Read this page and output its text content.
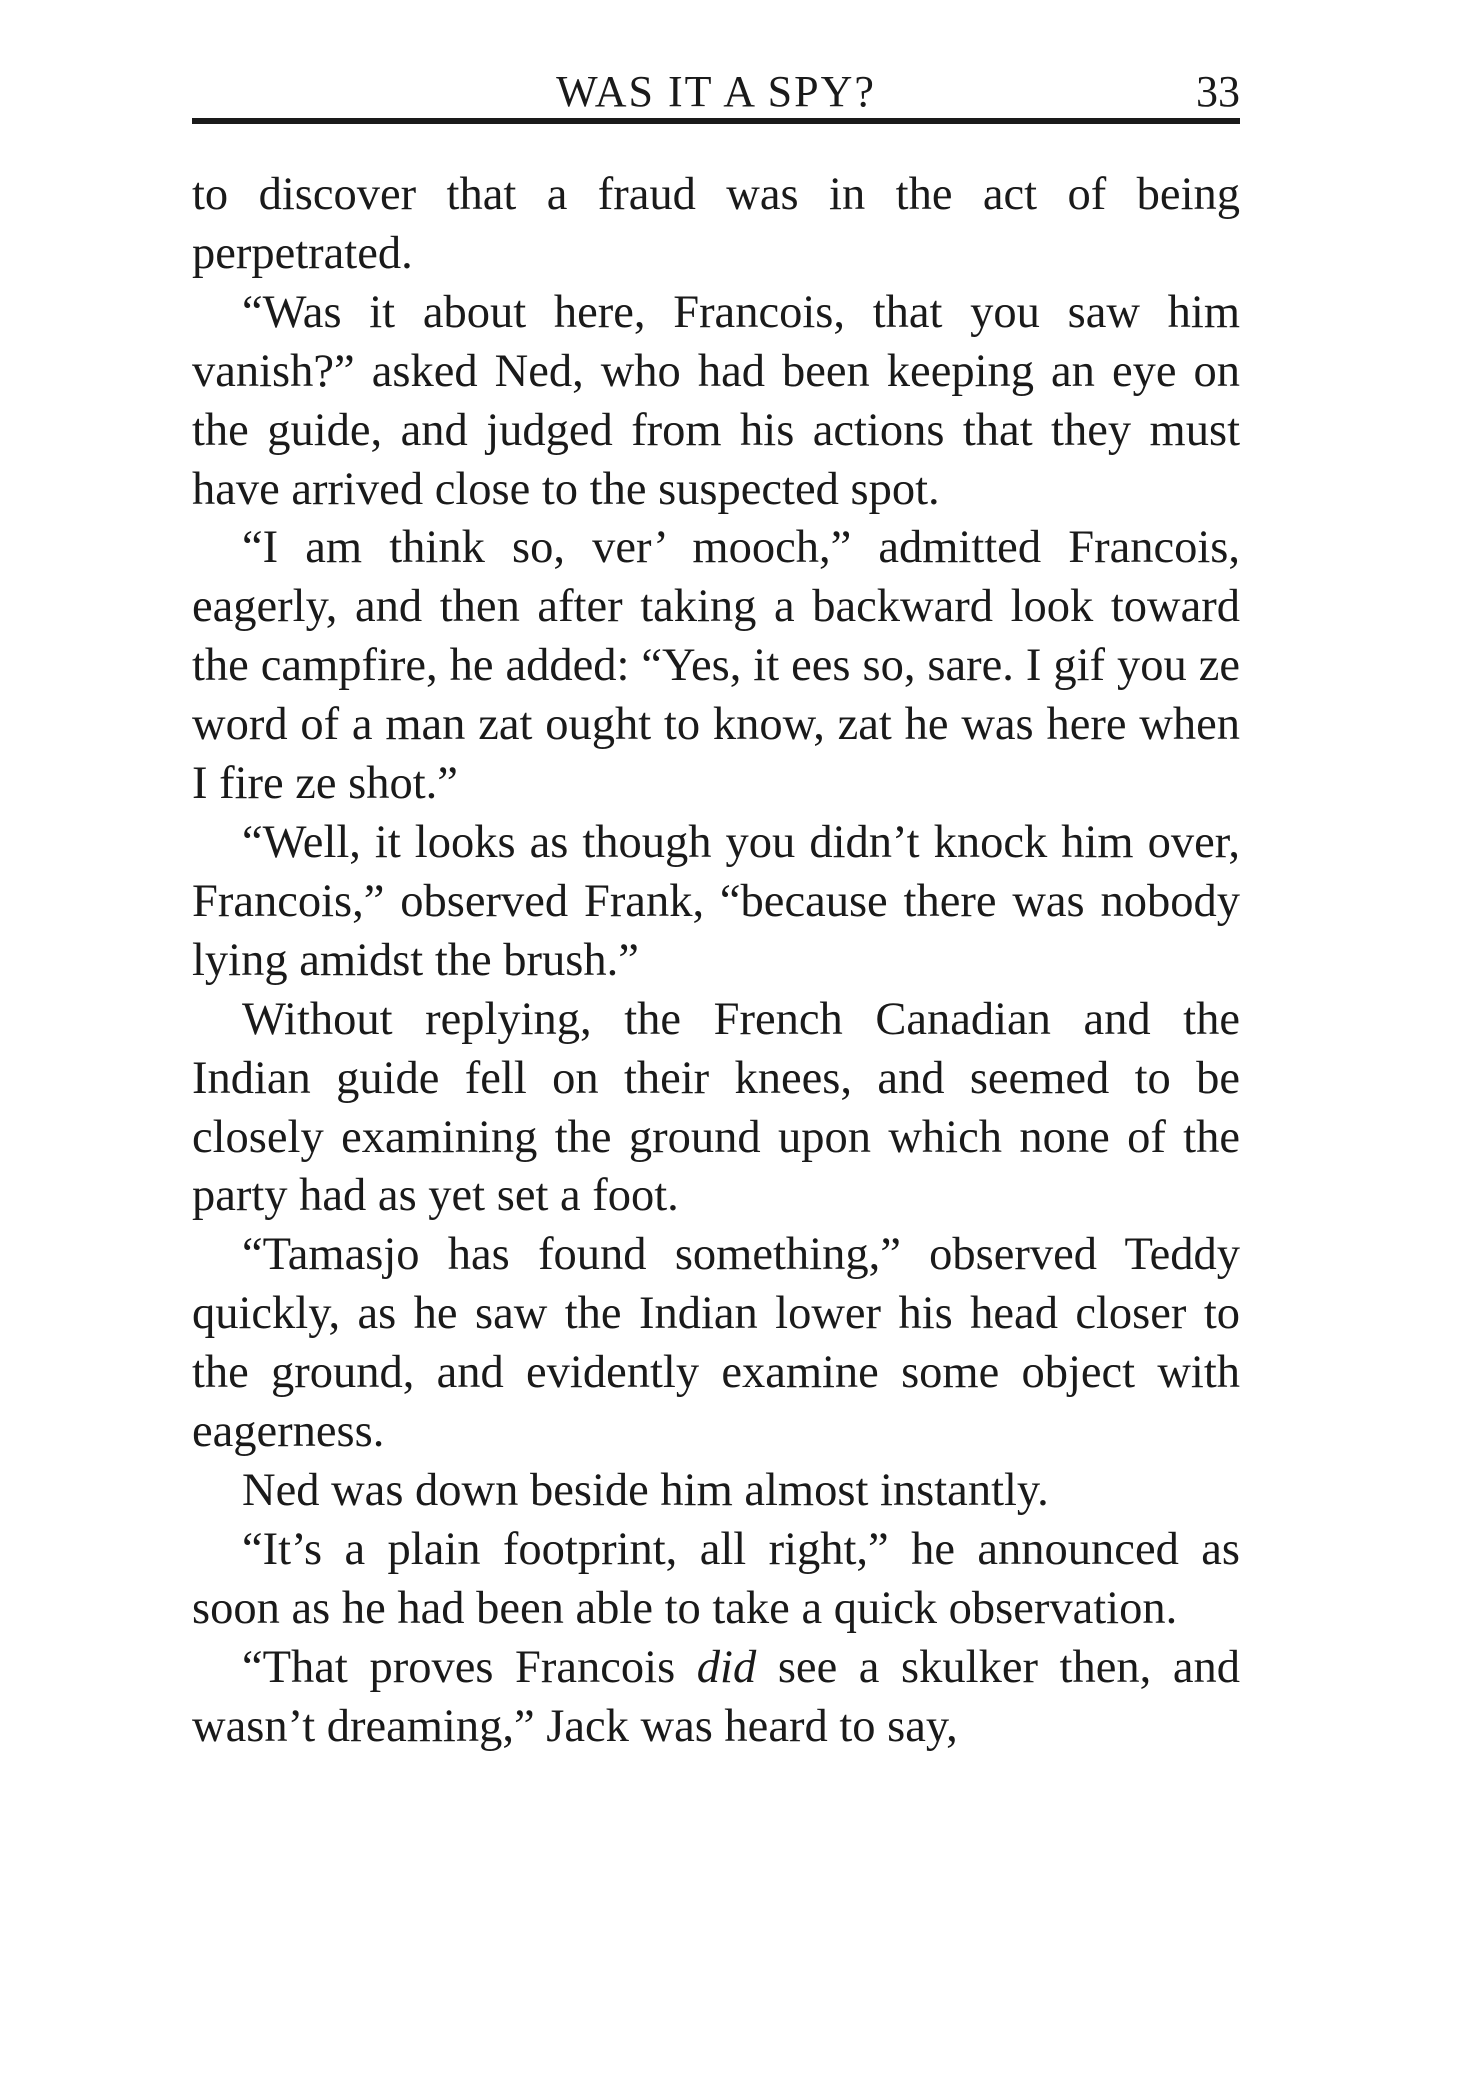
WAS IT A SPY?	33

to discover that a fraud was in the act of being perpetrated.

“Was it about here, Francois, that you saw him vanish?” asked Ned, who had been keeping an eye on the guide, and judged from his actions that they must have arrived close to the suspected spot.

“I am think so, ver’ mooch,” admitted Francois, eagerly, and then after taking a backward look toward the campfire, he added: “Yes, it ees so, sare. I gif you ze word of a man zat ought to know, zat he was here when I fire ze shot.”

“Well, it looks as though you didn’t knock him over, Francois,” observed Frank, “because there was nobody lying amidst the brush.”

Without replying, the French Canadian and the Indian guide fell on their knees, and seemed to be closely examining the ground upon which none of the party had as yet set a foot.

“Tamasjo has found something,” observed Teddy quickly, as he saw the Indian lower his head closer to the ground, and evidently examine some object with eagerness.

Ned was down beside him almost instantly.

“It’s a plain footprint, all right,” he announced as soon as he had been able to take a quick observation.

“That proves Francois did see a skulker then, and wasn’t dreaming,” Jack was heard to say,
